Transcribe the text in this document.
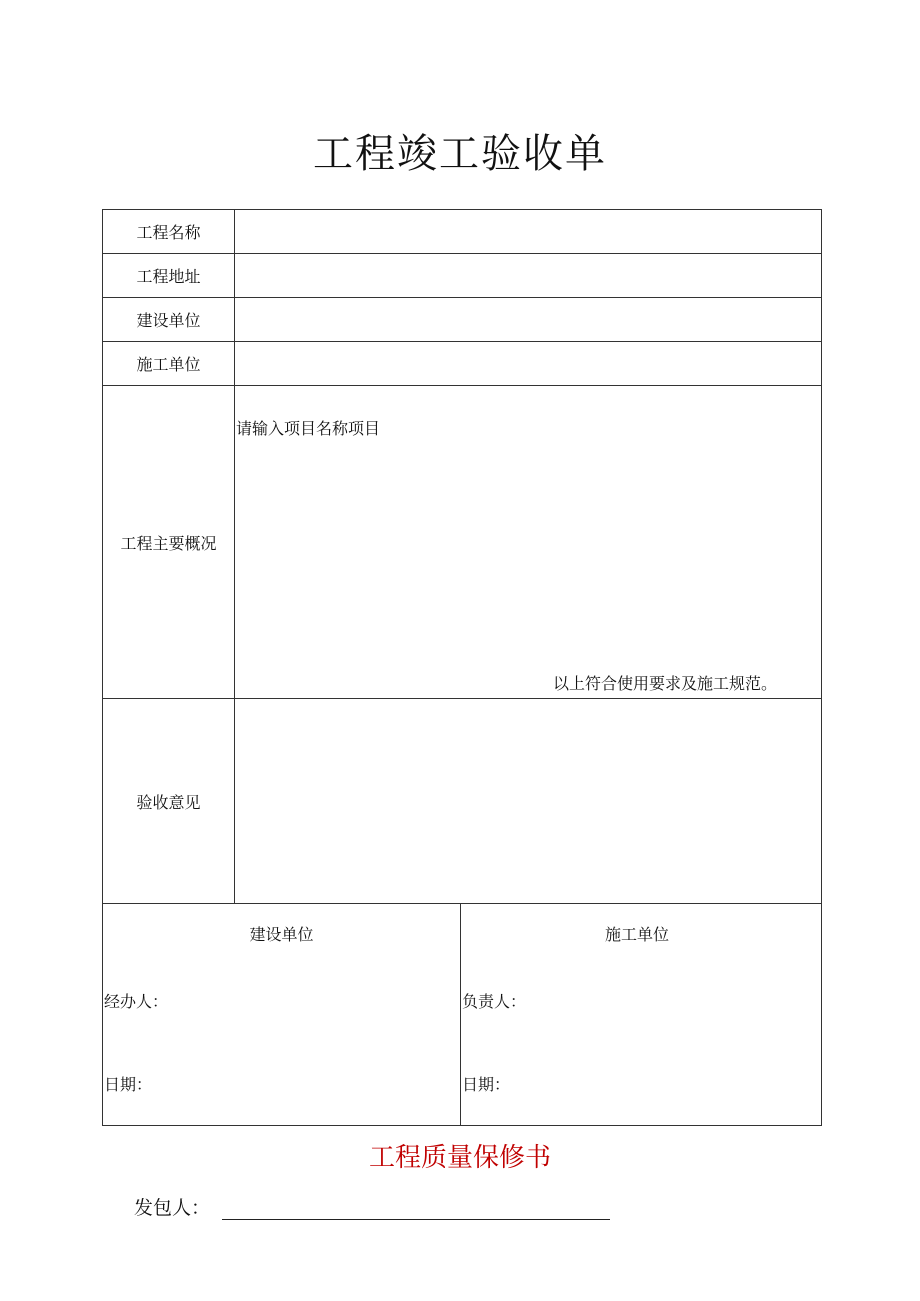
工程竣工验收单
工程名称	
工程地址	
建设单位	
施工单位	
工程主要概况	请输入项目名称项目
以上符合使用要求及施工规范。

验收意见	
建设单位
经办人：
日期：

施工单位
负责人：
日期：
工程质量保修书
发包人：
